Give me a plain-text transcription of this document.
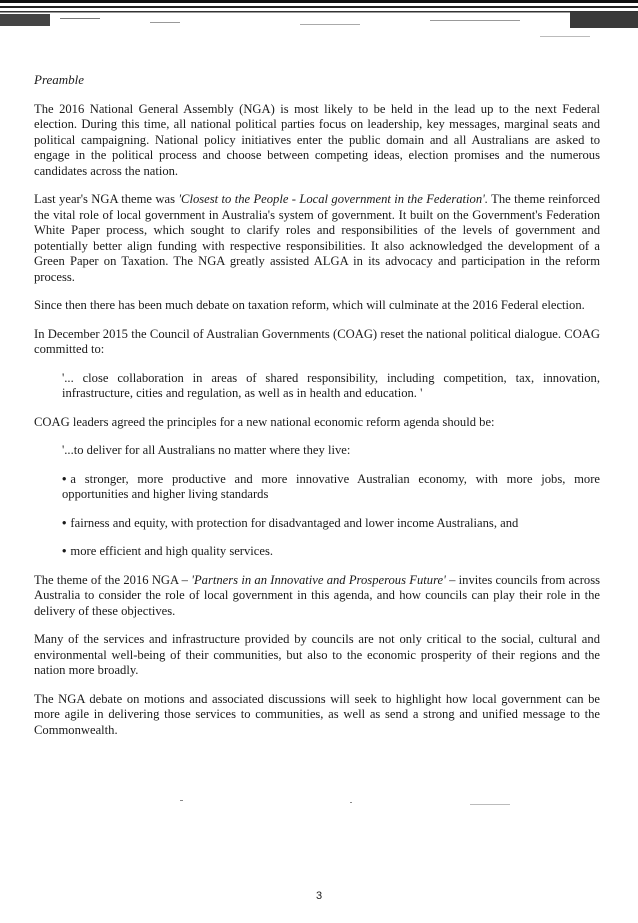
Preamble

The 2016 National General Assembly (NGA) is most likely to be held in the lead up to the next Federal election. During this time, all national political parties focus on leadership, key messages, marginal seats and political campaigning. National policy initiatives enter the public domain and all Australians are asked to engage in the political process and choose between competing ideas, election promises and the numerous candidates across the nation.

Last year's NGA theme was 'Closest to the People - Local government in the Federation'. The theme reinforced the vital role of local government in Australia's system of government. It built on the Government's Federation White Paper process, which sought to clarify roles and responsibilities of the levels of government and potentially better align funding with respective responsibilities. It also acknowledged the development of a Green Paper on Taxation. The NGA greatly assisted ALGA in its advocacy and participation in the reform process.

Since then there has been much debate on taxation reform, which will culminate at the 2016 Federal election.

In December 2015 the Council of Australian Governments (COAG) reset the national political dialogue. COAG committed to:

'... close collaboration in areas of shared responsibility, including competition, tax, innovation, infrastructure, cities and regulation, as well as in health and education. '

COAG leaders agreed the principles for a new national economic reform agenda should be:

'...to deliver for all Australians no matter where they live:
• a stronger, more productive and more innovative Australian economy, with more jobs, more opportunities and higher living standards
• fairness and equity, with protection for disadvantaged and lower income Australians, and
• more efficient and high quality services.

The theme of the 2016 NGA – 'Partners in an Innovative and Prosperous Future' – invites councils from across Australia to consider the role of local government in this agenda, and how councils can play their role in the delivery of these objectives.

Many of the services and infrastructure provided by councils are not only critical to the social, cultural and environmental well-being of their communities, but also to the economic prosperity of their regions and the nation more broadly.

The NGA debate on motions and associated discussions will seek to highlight how local government can be more agile in delivering those services to communities, as well as send a strong and unified message to the Commonwealth.

3
